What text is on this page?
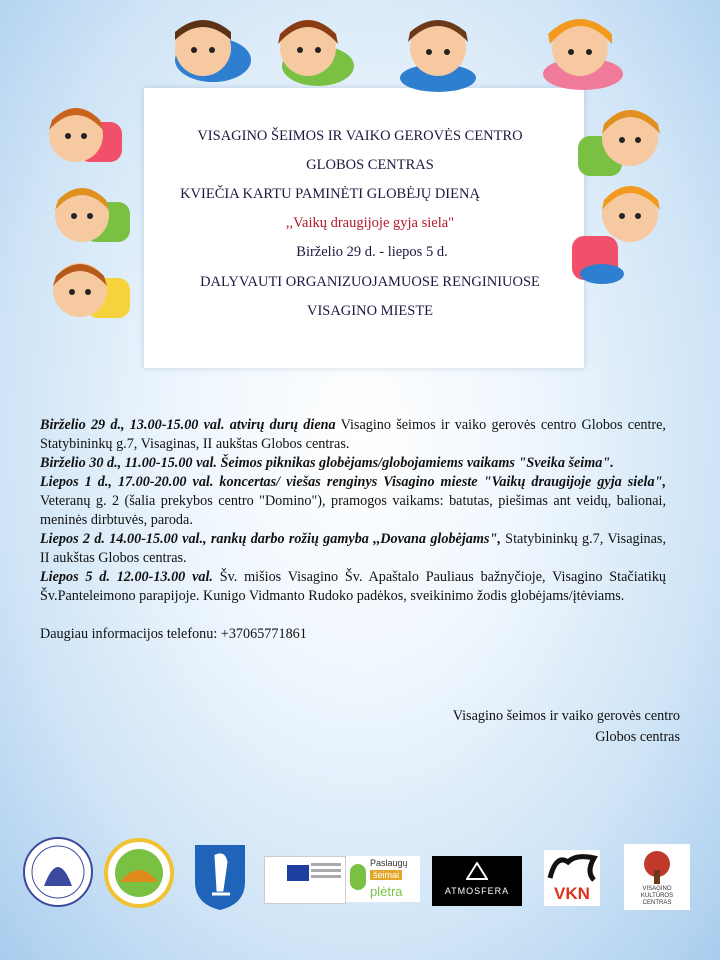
VISAGINO ŠEIMOS IR VAIKO GEROVĖS CENTRO
GLOBOS CENTRAS
KVIEČIA KARTU PAMINĖTI GLOBĖJŲ DIENĄ
,,Vaikų draugijoje gyja siela"
Birželio 29 d. - liepos 5 d.
DALYVAUTI ORGANIZUOJAMUOSE RENGINIUOSE
VISAGINO MIESTE

Birželio 29 d., 13.00-15.00 val. atvirų durų diena Visagino šeimos ir vaiko gerovės centro Globos centre, Statybininkų g.7, Visaginas, II aukštas Globos centras.

Birželio 30 d., 11.00-15.00 val. Šeimos piknikas globėjams/globojamiems vaikams "Sveika šeima".

Liepos 1 d., 17.00-20.00 val. koncertas/ viešas renginys Visagino mieste "Vaikų draugijoje gyja siela", Veteranų g. 2 (šalia prekybos centro "Domino"), pramogos vaikams: batutas, piešimas ant veidų, balionai, meninės dirbtuvės, paroda.

Liepos 2 d. 14.00-15.00 val., rankų darbo rožių gamyba ,,Dovana globėjams", Statybininkų g.7, Visaginas, II aukštas Globos centras.

Liepos 5 d. 12.00-13.00 val. Šv. mišios Visagino Šv. Apaštalo Pauliaus bažnyčioje, Visagino Stačiatikų Šv.Panteleimono parapijoje. Kunigo Vidmanto Rudoko padėkos, sveikinimo žodis globėjams/įtėviams.

Daugiau informacijos telefonu: +37065771861

Visagino šeimos ir vaiko gerovės centro
Globos centras
Paslaugų
šeimai
plėtra	ATMOSFERA	VKN	VISAGINO KULTŪROS CENTRAS
